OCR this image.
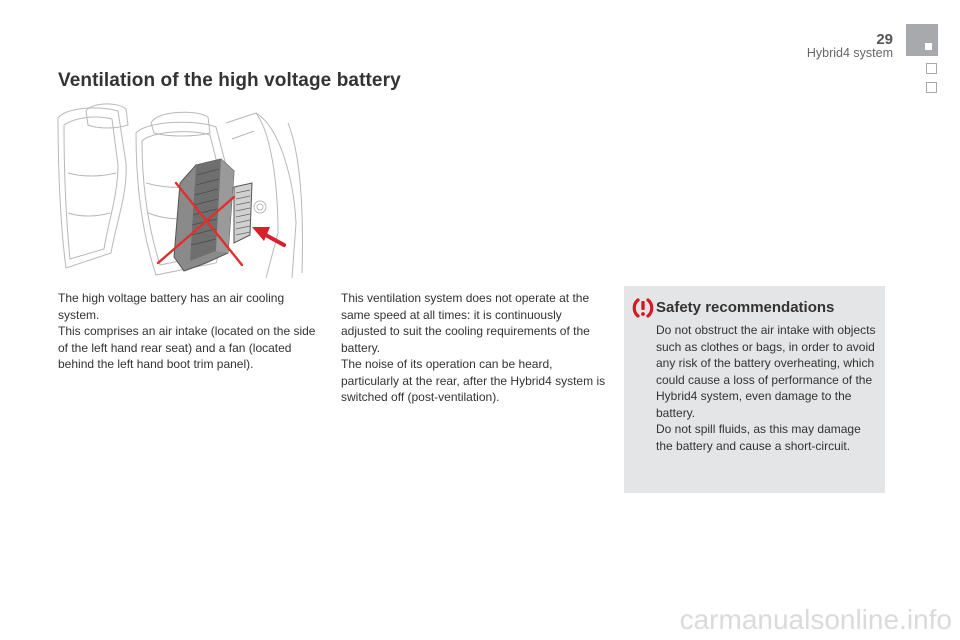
29
Hybrid4 system
Ventilation of the high voltage battery

The high voltage battery has an air cooling system.

This comprises an air intake (located on the side of the left hand rear seat) and a fan (located behind the left hand boot trim panel).

This ventilation system does not operate at the same speed at all times: it is continuously adjusted to suit the cooling requirements of the battery.

The noise of its operation can be heard, particularly at the rear, after the Hybrid4 system is switched off (post-ventilation).

Safety recommendations

Do not obstruct the air intake with objects such as clothes or bags, in order to avoid any risk of the battery overheating, which could cause a loss of performance of the Hybrid4 system, even damage to the battery.

Do not spill fluids, as this may damage the battery and cause a short-circuit.

carmanualsonline.info
